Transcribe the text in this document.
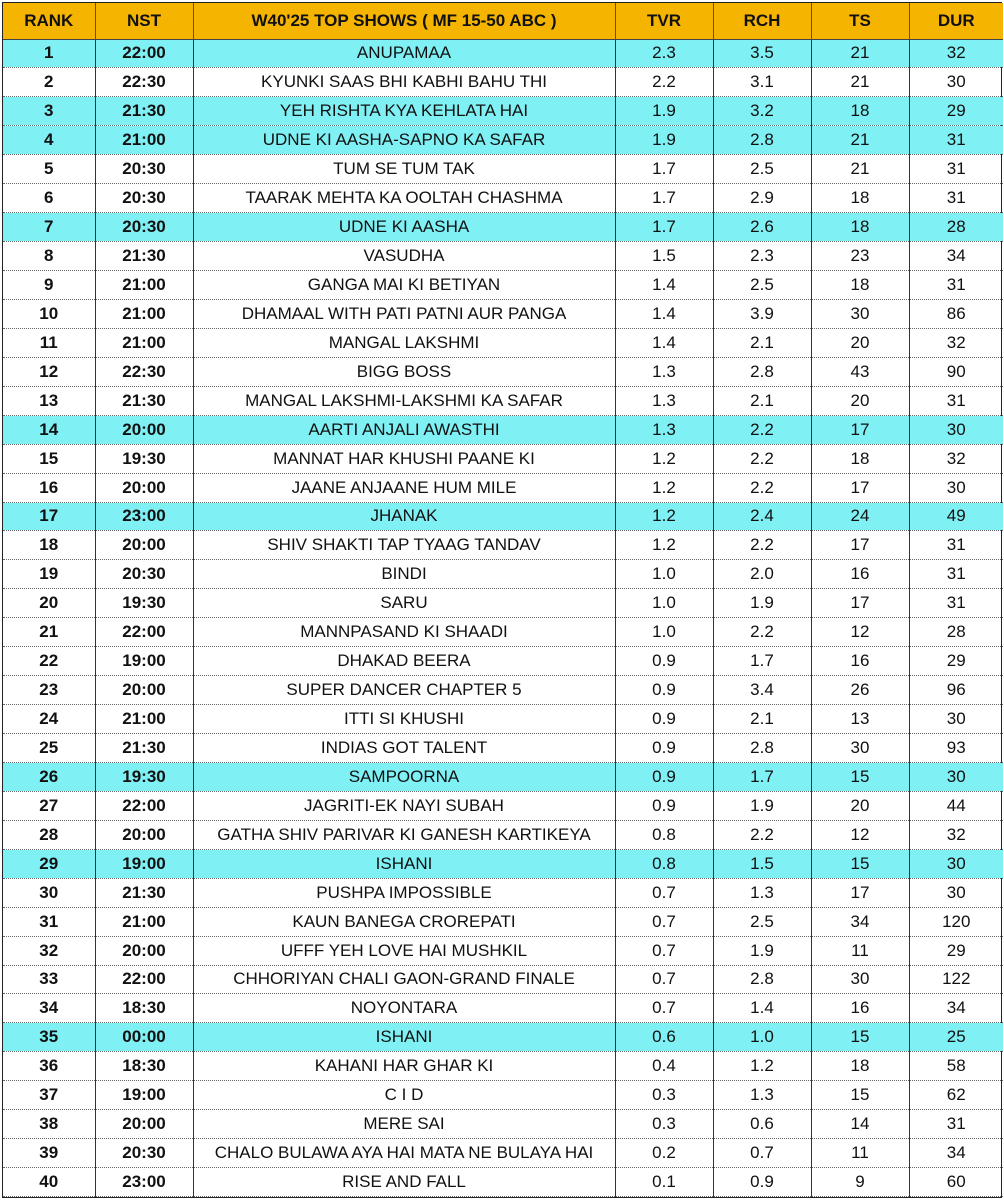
RANK	NST	W40'25 TOP SHOWS ( MF 15-50 ABC )	TVR	RCH	TS	DUR
1	22:00	ANUPAMAA	2.3	3.5	21	32
2	22:30	KYUNKI SAAS BHI KABHI BAHU THI	2.2	3.1	21	30
3	21:30	YEH RISHTA KYA KEHLATA HAI	1.9	3.2	18	29
4	21:00	UDNE KI AASHA-SAPNO KA SAFAR	1.9	2.8	21	31
5	20:30	TUM SE TUM TAK	1.7	2.5	21	31
6	20:30	TAARAK MEHTA KA OOLTAH CHASHMA	1.7	2.9	18	31
7	20:30	UDNE KI AASHA	1.7	2.6	18	28
8	21:30	VASUDHA	1.5	2.3	23	34
9	21:00	GANGA MAI KI BETIYAN	1.4	2.5	18	31
10	21:00	DHAMAAL WITH PATI PATNI AUR PANGA	1.4	3.9	30	86
11	21:00	MANGAL LAKSHMI	1.4	2.1	20	32
12	22:30	BIGG BOSS	1.3	2.8	43	90
13	21:30	MANGAL LAKSHMI-LAKSHMI KA SAFAR	1.3	2.1	20	31
14	20:00	AARTI ANJALI AWASTHI	1.3	2.2	17	30
15	19:30	MANNAT HAR KHUSHI PAANE KI	1.2	2.2	18	32
16	20:00	JAANE ANJAANE HUM MILE	1.2	2.2	17	30
17	23:00	JHANAK	1.2	2.4	24	49
18	20:00	SHIV SHAKTI TAP TYAAG TANDAV	1.2	2.2	17	31
19	20:30	BINDI	1.0	2.0	16	31
20	19:30	SARU	1.0	1.9	17	31
21	22:00	MANNPASAND KI SHAADI	1.0	2.2	12	28
22	19:00	DHAKAD BEERA	0.9	1.7	16	29
23	20:00	SUPER DANCER CHAPTER 5	0.9	3.4	26	96
24	21:00	ITTI SI KHUSHI	0.9	2.1	13	30
25	21:30	INDIAS GOT TALENT	0.9	2.8	30	93
26	19:30	SAMPOORNA	0.9	1.7	15	30
27	22:00	JAGRITI-EK NAYI SUBAH	0.9	1.9	20	44
28	20:00	GATHA SHIV PARIVAR KI GANESH KARTIKEYA	0.8	2.2	12	32
29	19:00	ISHANI	0.8	1.5	15	30
30	21:30	PUSHPA IMPOSSIBLE	0.7	1.3	17	30
31	21:00	KAUN BANEGA CROREPATI	0.7	2.5	34	120
32	20:00	UFFF YEH LOVE HAI MUSHKIL	0.7	1.9	11	29
33	22:00	CHHORIYAN CHALI GAON-GRAND FINALE	0.7	2.8	30	122
34	18:30	NOYONTARA	0.7	1.4	16	34
35	00:00	ISHANI	0.6	1.0	15	25
36	18:30	KAHANI HAR GHAR KI	0.4	1.2	18	58
37	19:00	C I D	0.3	1.3	15	62
38	20:00	MERE SAI	0.3	0.6	14	31
39	20:30	CHALO BULAWA AYA HAI MATA NE BULAYA HAI	0.2	0.7	11	34
40	23:00	RISE AND FALL	0.1	0.9	9	60
